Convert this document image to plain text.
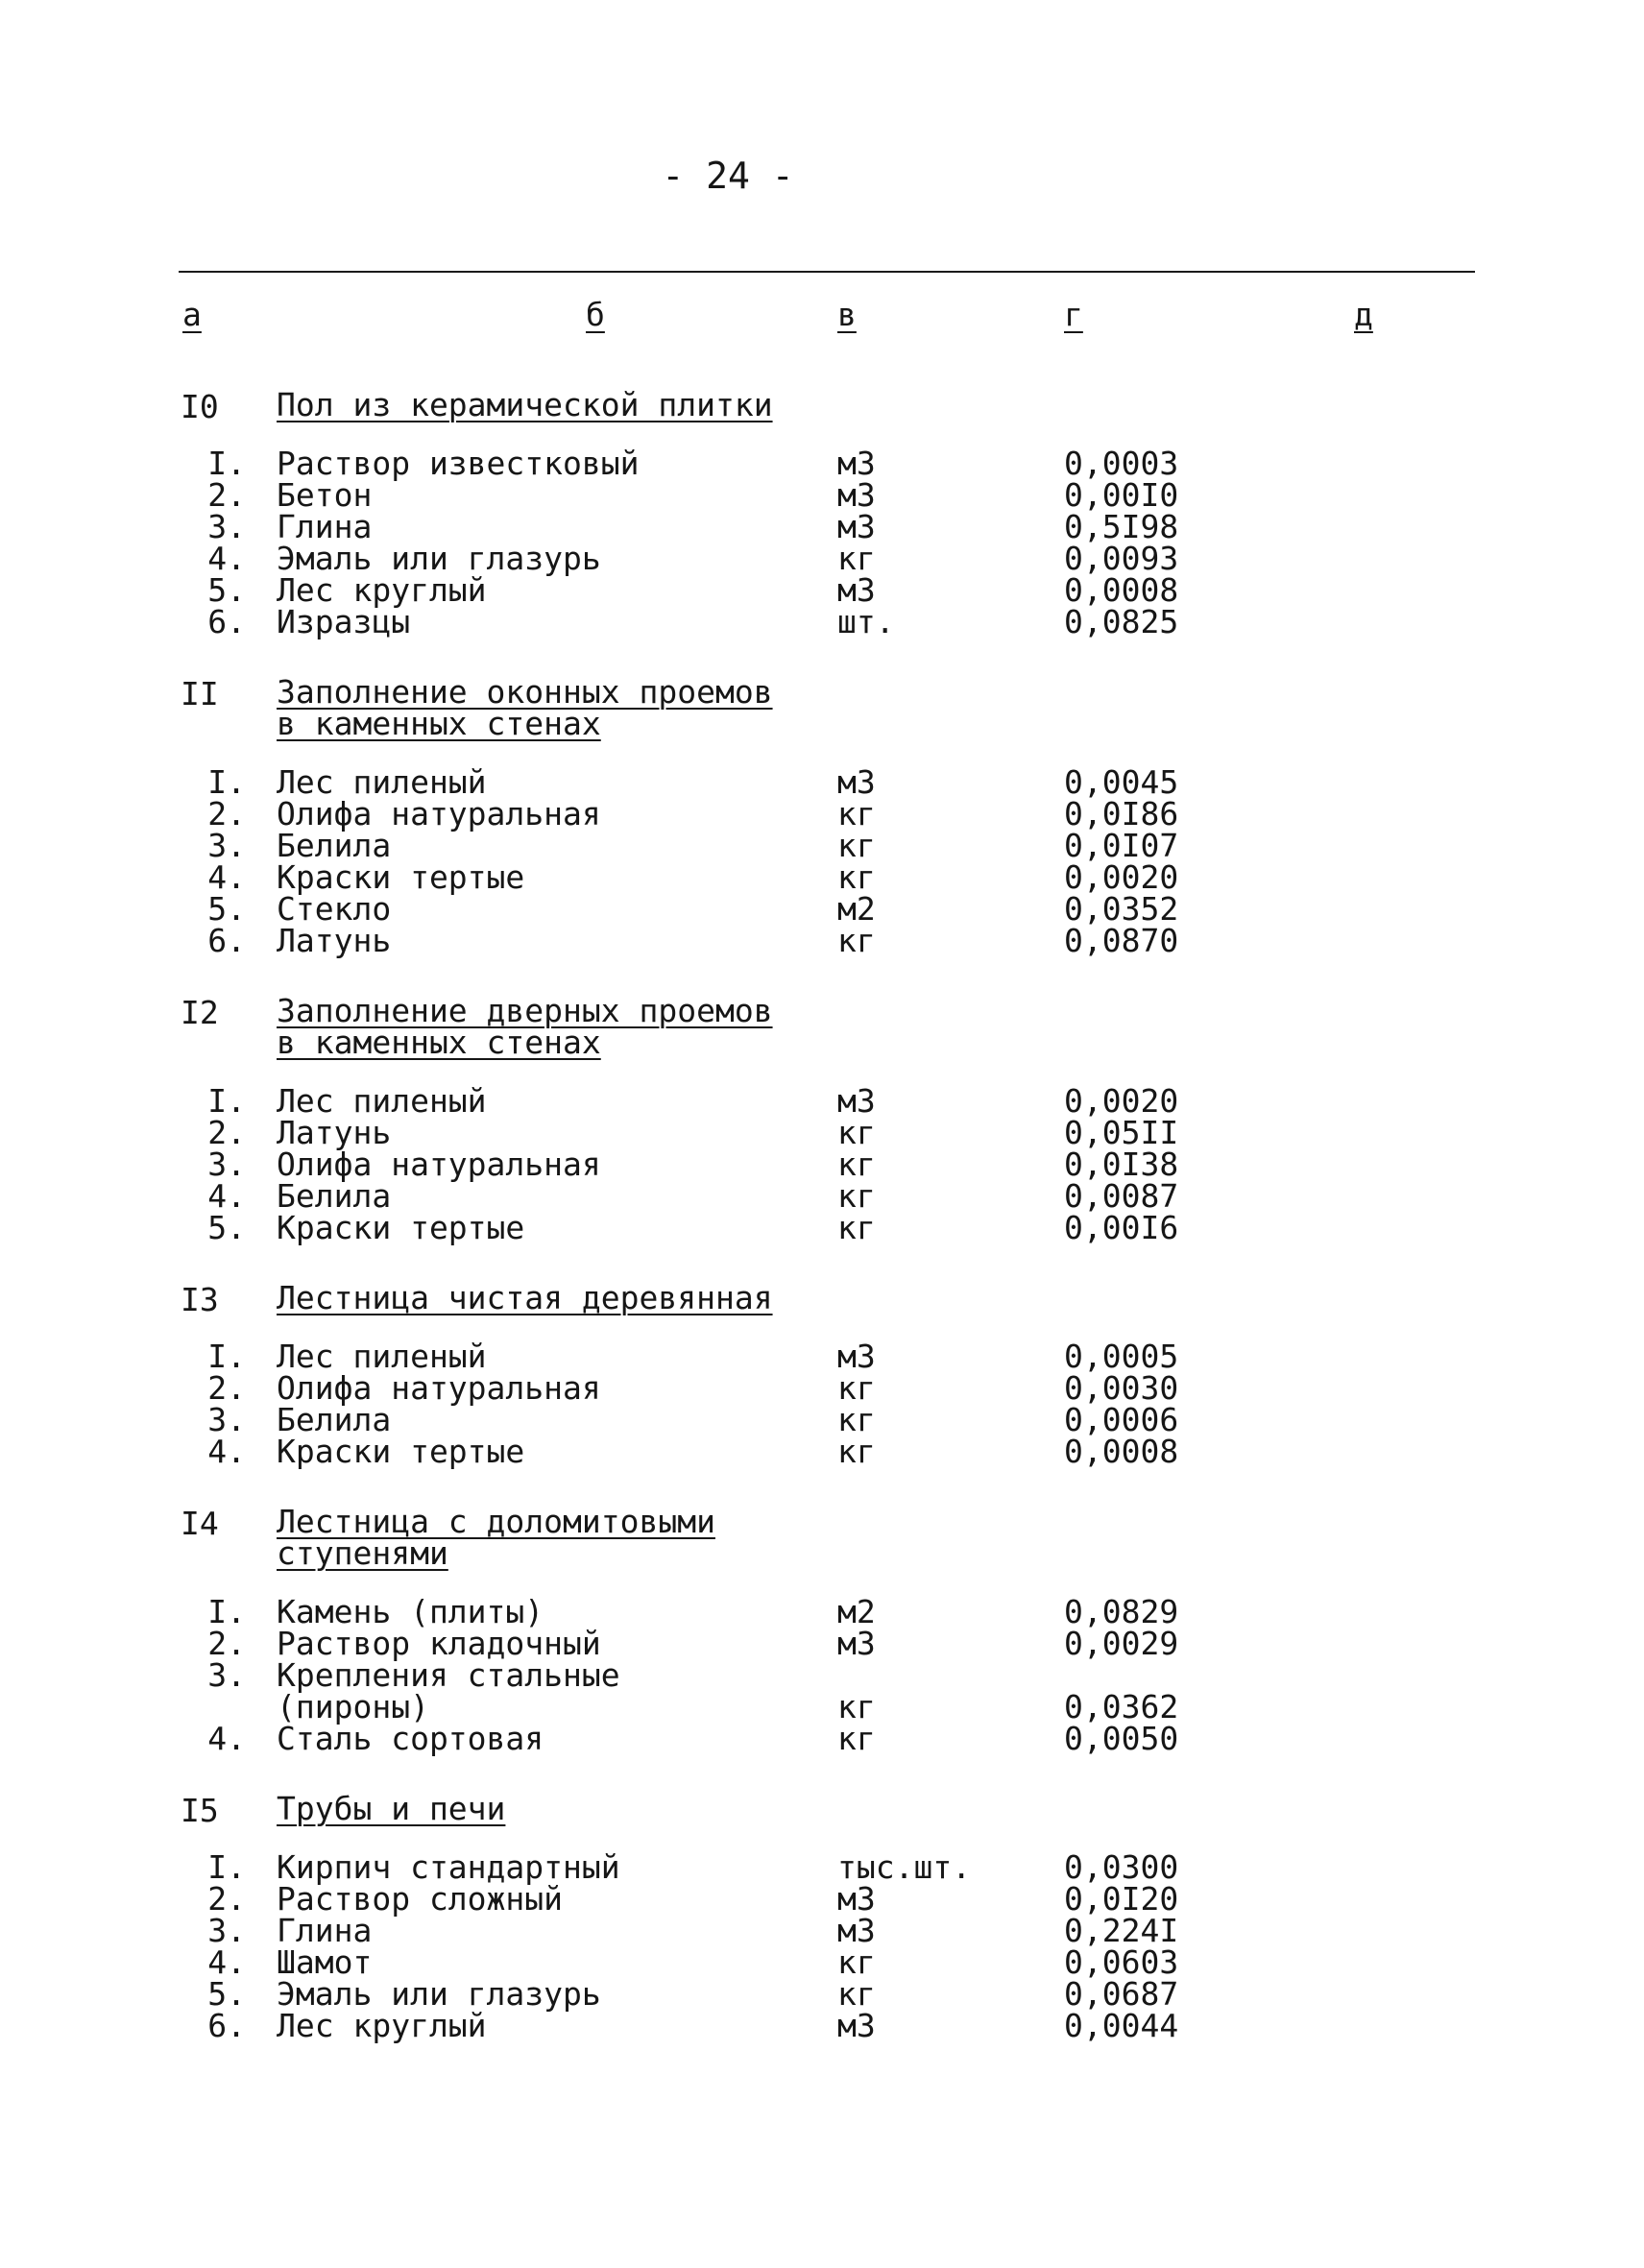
- 24 -
а	б	в	г	д
I0 Пол из керамической плитки
I. Раствор известковый	м3	0,0003
2. Бетон	м3	0,00I0
3. Глина	м3	0,5I98
4. Эмаль или глазурь	кг	0,0093
5. Лес круглый	м3	0,0008
6. Изразцы	шт.	0,0825
II Заполнение оконных проемов
в каменных стенах
I. Лес пиленый	м3	0,0045
2. Олифа натуральная	кг	0,0I86
3. Белила	кг	0,0I07
4. Краски тертые	кг	0,0020
5. Стекло	м2	0,0352
6. Латунь	кг	0,0870
I2 Заполнение дверных проемов
в каменных стенах
I. Лес пиленый	м3	0,0020
2. Латунь	кг	0,05II
3. Олифа натуральная	кг	0,0I38
4. Белила	кг	0,0087
5. Краски тертые	кг	0,00I6
I3 Лестница чистая деревянная
I. Лес пиленый	м3	0,0005
2. Олифа натуральная	кг	0,0030
3. Белила	кг	0,0006
4. Краски тертые	кг	0,0008
I4 Лестница с доломитовыми
ступенями
I. Камень (плиты)	м2	0,0829
2. Раствор кладочный	м3	0,0029
3. Крепления стальные
(пироны)	кг	0,0362
4. Сталь сортовая	кг	0,0050
I5 Трубы и печи
I. Кирпич стандартный	тыс.шт.	0,0300
2. Раствор сложный	м3	0,0I20
3. Глина	м3	0,224I
4. Шамот	кг	0,0603
5. Эмаль или глазурь	кг	0,0687
6. Лес круглый	м3	0,0044
